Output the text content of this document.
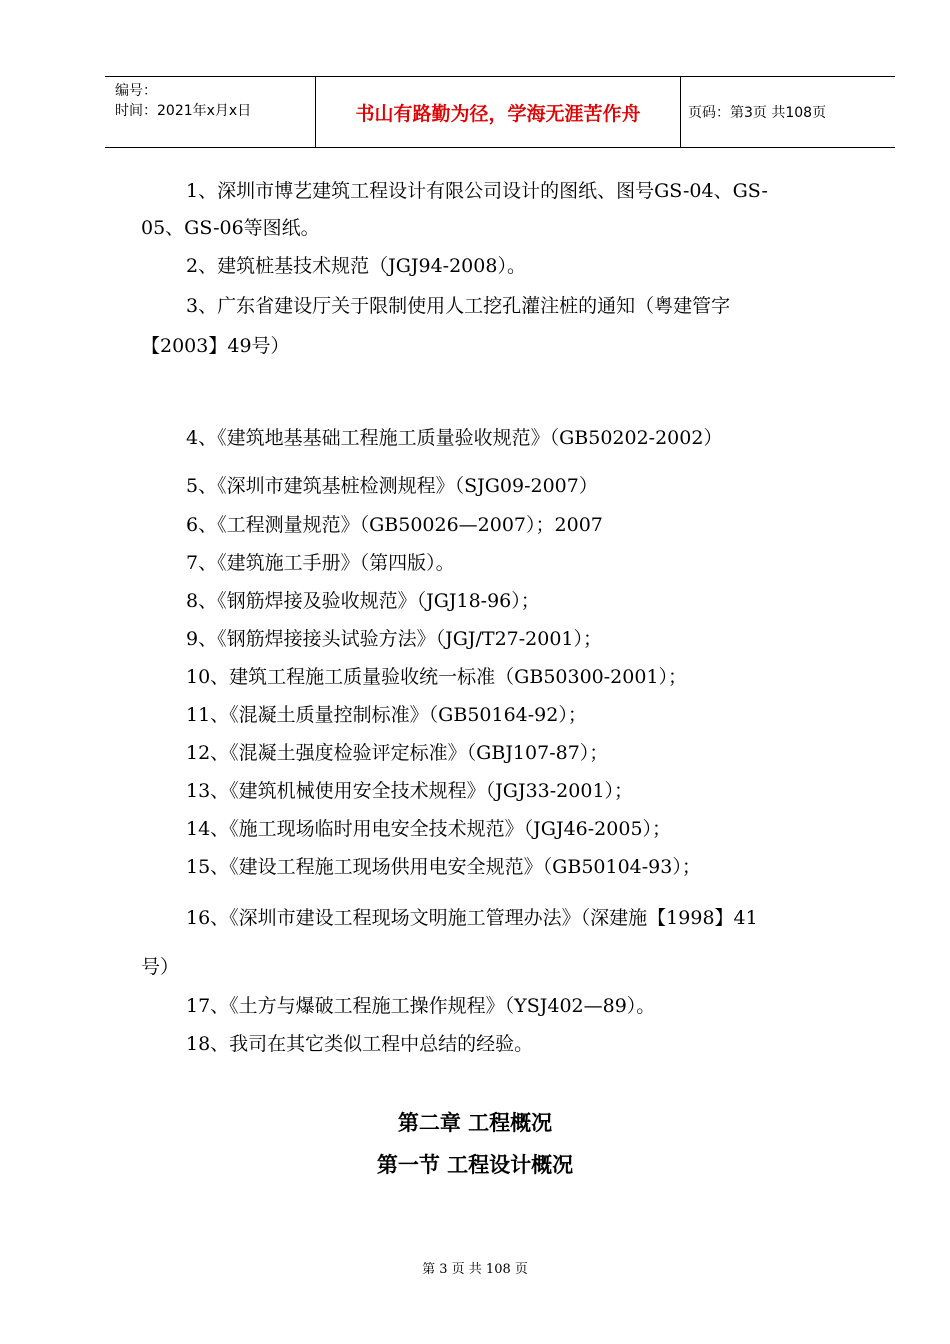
编号：
时间：2021年x月x日	书山有路勤为径，学海无涯苦作舟	页码：第3页 共108页
1、深圳市博艺建筑工程设计有限公司设计的图纸、图号GS-04、GS-
05、GS-06等图纸。
2、建筑桩基技术规范（JGJ94-2008）。
3、广东省建设厅关于限制使用人工挖孔灌注桩的通知（粤建管字
【2003】49号）
4、《建筑地基基础工程施工质量验收规范》（GB50202-2002）
5、《深圳市建筑基桩检测规程》（SJG09-2007）
6、《工程测量规范》（GB50026—2007）；2007
7、《建筑施工手册》（第四版）。
8、《钢筋焊接及验收规范》（JGJ18-96）；
9、《钢筋焊接接头试验方法》（JGJ/T27-2001）；
10、建筑工程施工质量验收统一标准（GB50300-2001）；
11、《混凝土质量控制标准》（GB50164-92）；
12、《混凝土强度检验评定标准》（GBJ107-87）；
13、《建筑机械使用安全技术规程》（JGJ33-2001）；
14、《施工现场临时用电安全技术规范》（JGJ46-2005）；
15、《建设工程施工现场供用电安全规范》（GB50104-93）；
16、《深圳市建设工程现场文明施工管理办法》（深建施【1998】41
号）
17、《土方与爆破工程施工操作规程》（YSJ402—89）。
18、我司在其它类似工程中总结的经验。
第二章 工程概况
第一节 工程设计概况
第 3 页 共 108 页
